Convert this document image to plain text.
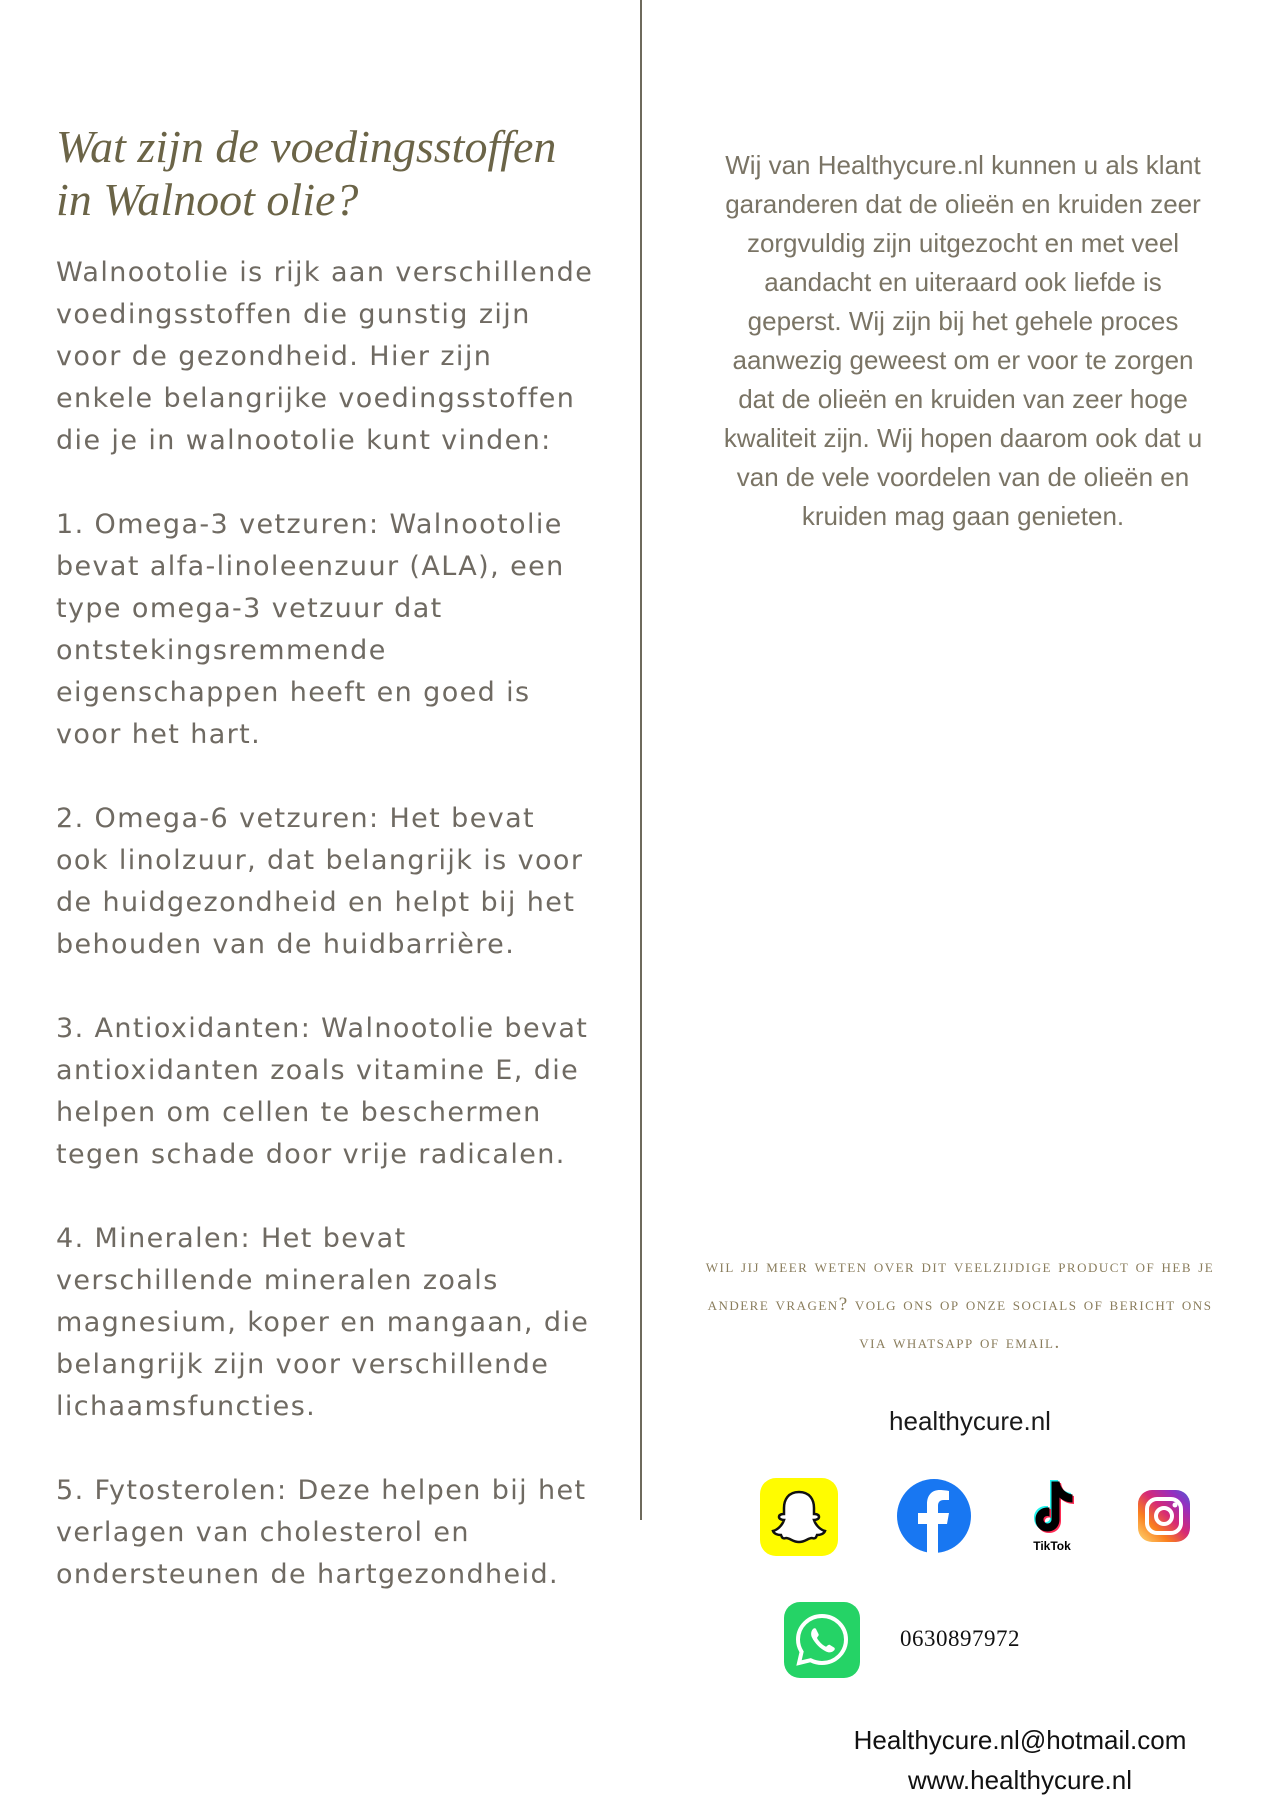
Wat zijn de voedingsstoffen in Walnoot olie?

Walnootolie is rijk aan verschillende voedingsstoffen die gunstig zijn voor de gezondheid. Hier zijn enkele belangrijke voedingsstoffen die je in walnootolie kunt vinden:

1. Omega-3 vetzuren: Walnootolie bevat alfa-linoleenzuur (ALA), een type omega-3 vetzuur dat ontstekingsremmende eigenschappen heeft en goed is voor het hart.

2. Omega-6 vetzuren: Het bevat ook linolzuur, dat belangrijk is voor de huidgezondheid en helpt bij het behouden van de huidbarrière.

3. Antioxidanten: Walnootolie bevat antioxidanten zoals vitamine E, die helpen om cellen te beschermen tegen schade door vrije radicalen.

4. Mineralen: Het bevat verschillende mineralen zoals magnesium, koper en mangaan, die belangrijk zijn voor verschillende lichaamsfuncties.

5. Fytosterolen: Deze helpen bij het verlagen van cholesterol en ondersteunen de hartgezondheid.

Wij van Healthycure.nl kunnen u als klant garanderen dat de olieën en kruiden zeer zorgvuldig zijn uitgezocht en met veel aandacht en uiteraard ook liefde is geperst. Wij zijn bij het gehele proces aanwezig geweest om er voor te zorgen dat de olieën en kruiden van zeer hoge kwaliteit zijn. Wij hopen daarom ook dat u van de vele voordelen van de olieën en kruiden mag gaan genieten.
wil jij meer weten over dit veelzijdige product of heb je andere vragen? volg ons op onze socials of bericht ons via whatsapp of email.
healthycure.nl
TikTok
0630897972
Healthycure.nl@hotmail.com
www.healthycure.nl
